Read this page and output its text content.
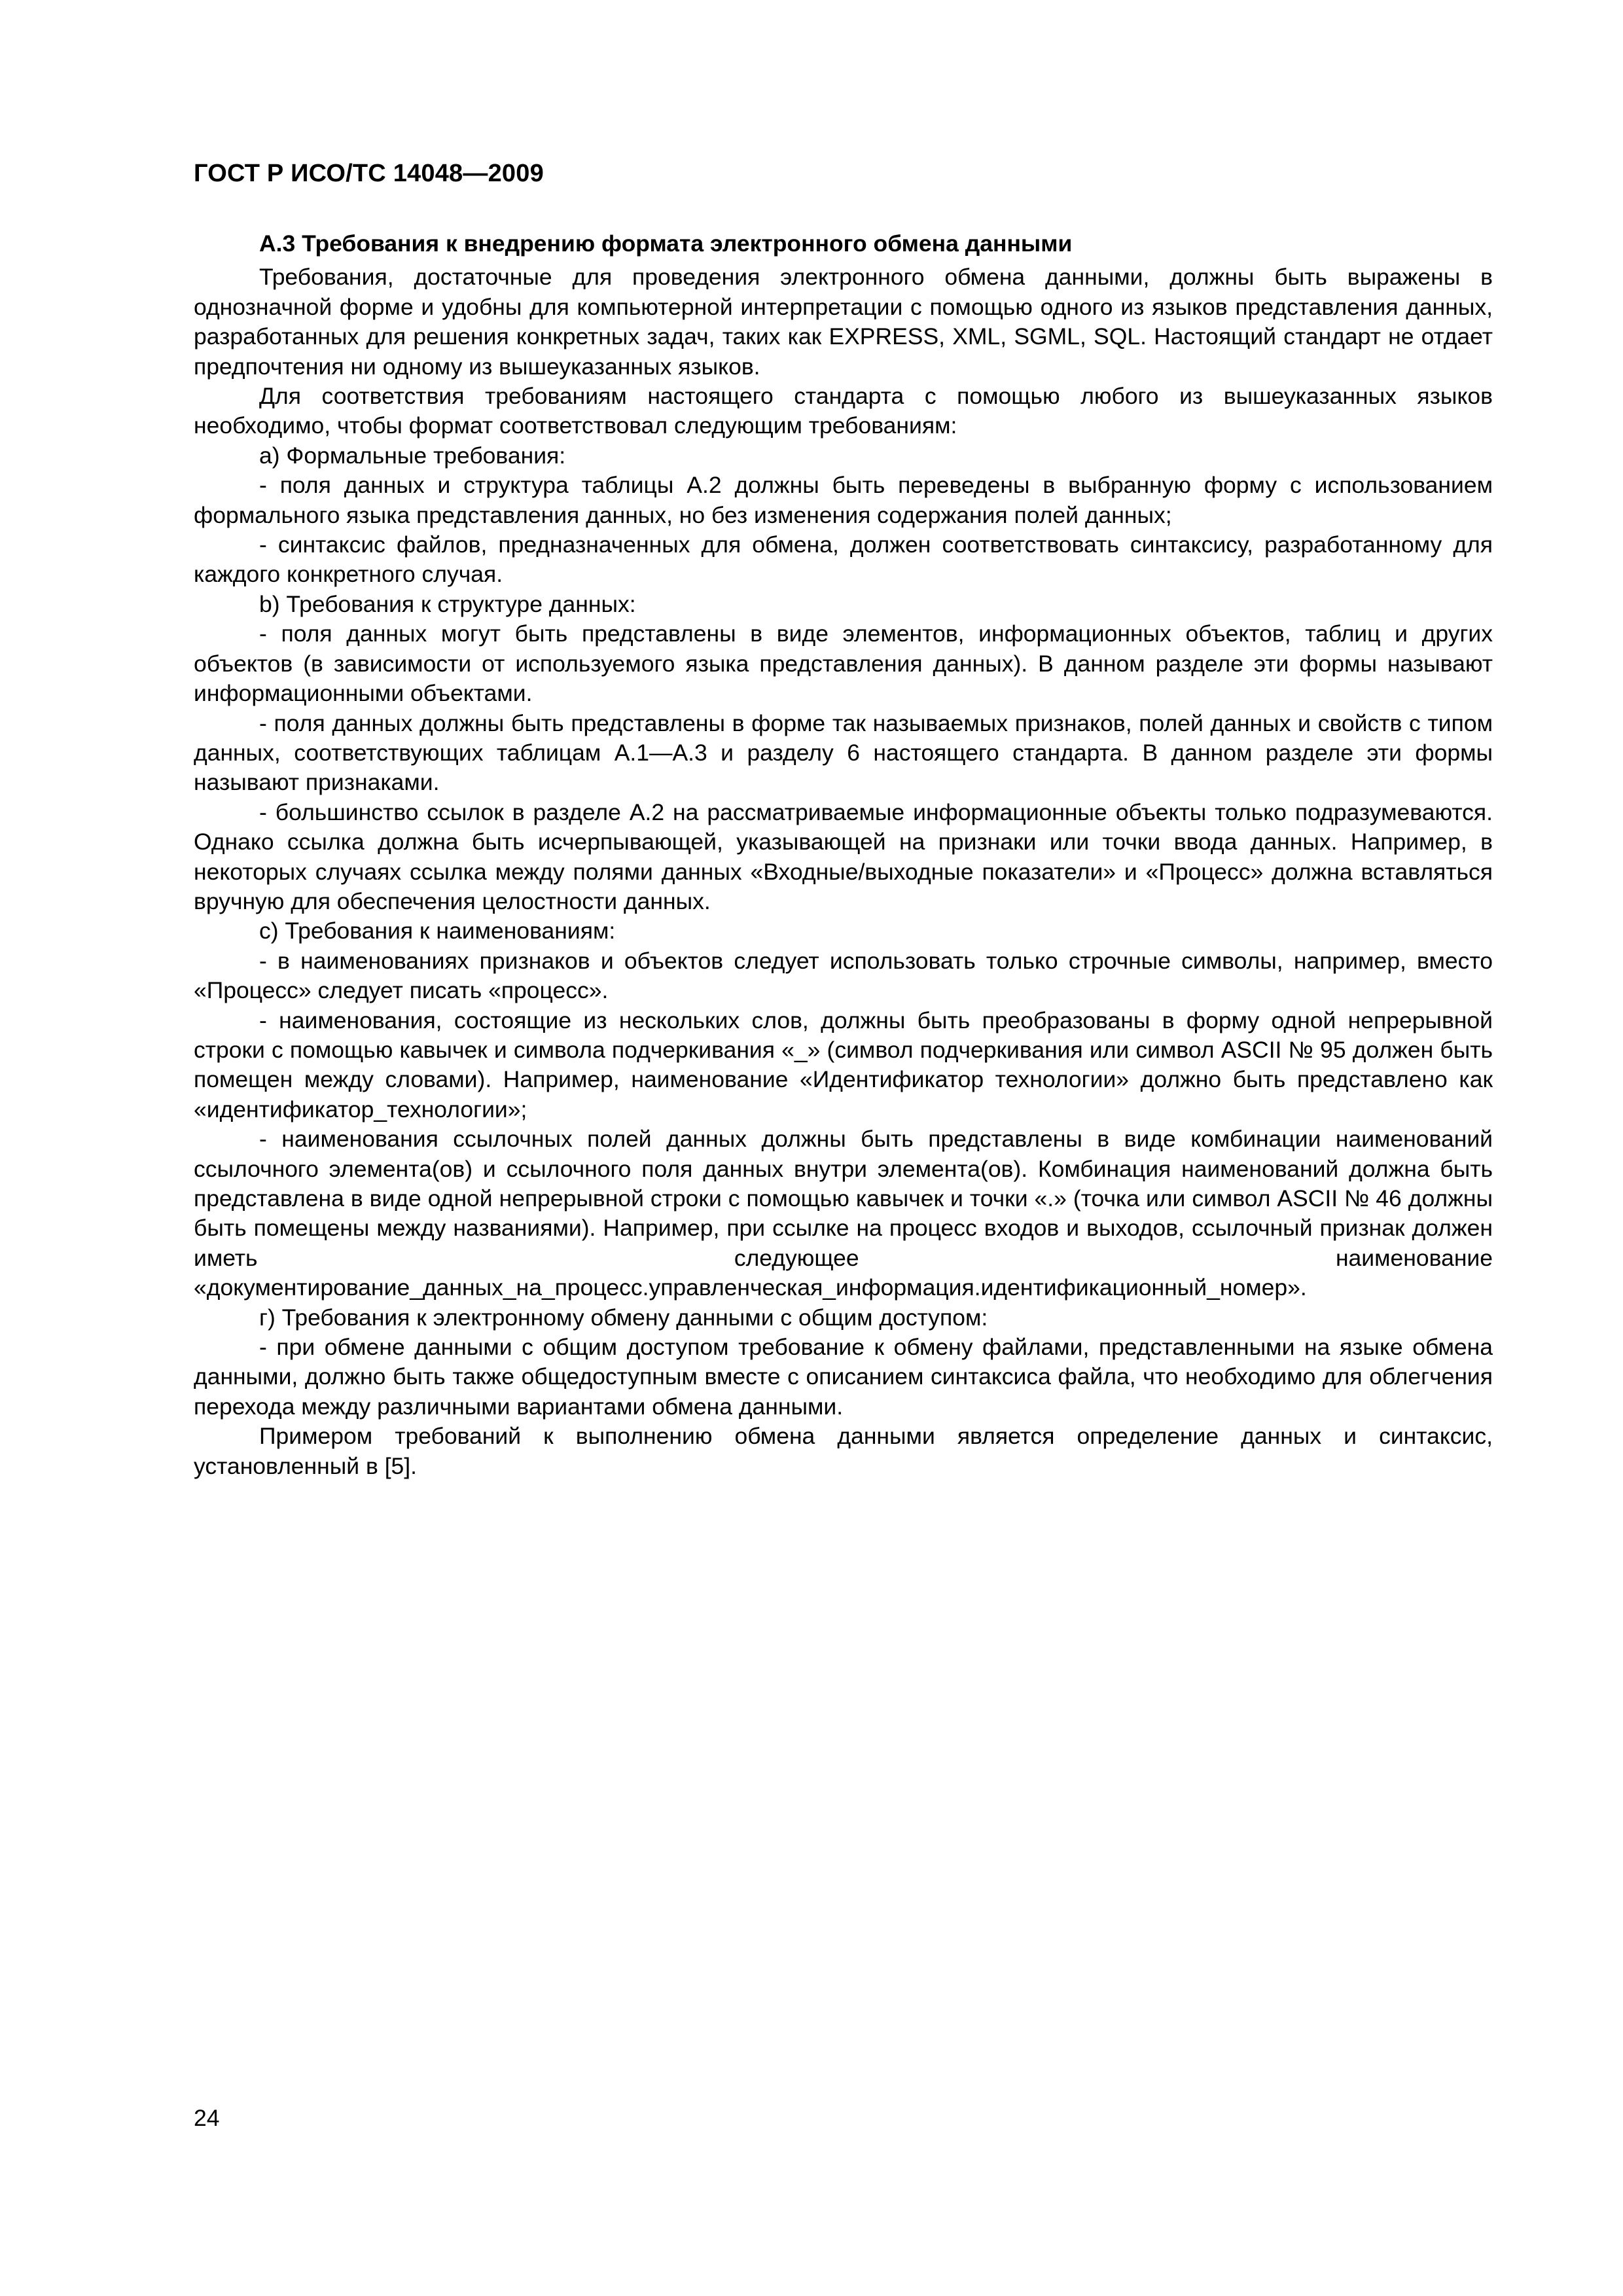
ГОСТ Р ИСО/ТС 14048—2009

А.3 Требования к внедрению формата электронного обмена данными

Требования, достаточные для проведения электронного обмена данными, должны быть выражены в однозначной форме и удобны для компьютерной интерпретации с помощью одного из языков представления данных, разработанных для решения конкретных задач, таких как EXPRESS, XML, SGML, SQL. Настоящий стандарт не отдает предпочтения ни одному из вышеуказанных языков.

Для соответствия требованиям настоящего стандарта с помощью любого из вышеуказанных языков необходимо, чтобы формат соответствовал следующим требованиям:

a) Формальные требования:

- поля данных и структура таблицы А.2 должны быть переведены в выбранную форму с использованием формального языка представления данных, но без изменения содержания полей данных;

- синтаксис файлов, предназначенных для обмена, должен соответствовать синтаксису, разработанному для каждого конкретного случая.

b) Требования к структуре данных:

- поля данных могут быть представлены в виде элементов, информационных объектов, таблиц и других объектов (в зависимости от используемого языка представления данных). В данном разделе эти формы называют информационными объектами.

- поля данных должны быть представлены в форме так называемых признаков, полей данных и свойств с типом данных, соответствующих таблицам А.1—А.3 и разделу 6 настоящего стандарта. В данном разделе эти формы называют признаками.

- большинство ссылок в разделе А.2 на рассматриваемые информационные объекты только подразумеваются. Однако ссылка должна быть исчерпывающей, указывающей на признаки или точки ввода данных. Например, в некоторых случаях ссылка между полями данных «Входные/выходные показатели» и «Процесс» должна вставляться вручную для обеспечения целостности данных.

c) Требования к наименованиям:

- в наименованиях признаков и объектов следует использовать только строчные символы, например, вместо «Процесс» следует писать «процесс».

- наименования, состоящие из нескольких слов, должны быть преобразованы в форму одной непрерывной строки с помощью кавычек и символа подчеркивания «_» (символ подчеркивания или символ ASCII № 95 должен быть помещен между словами). Например, наименование «Идентификатор технологии» должно быть представлено как «идентификатор_технологии»;

- наименования ссылочных полей данных должны быть представлены в виде комбинации наименований ссылочного элемента(ов) и ссылочного поля данных внутри элемента(ов). Комбинация наименований должна быть представлена в виде одной непрерывной строки с помощью кавычек и точки «.» (точка или символ ASCII № 46 должны быть помещены между названиями). Например, при ссылке на процесс входов и выходов, ссылочный признак должен иметь следующее наименование «документирование_данных_на_процесс.управленческая_информация.идентификационный_номер».

г) Требования к электронному обмену данными с общим доступом:

- при обмене данными с общим доступом требование к обмену файлами, представленными на языке обмена данными, должно быть также общедоступным вместе с описанием синтаксиса файла, что необходимо для облегчения перехода между различными вариантами обмена данными.

Примером требований к выполнению обмена данными является определение данных и синтаксис, установленный в [5].

24
